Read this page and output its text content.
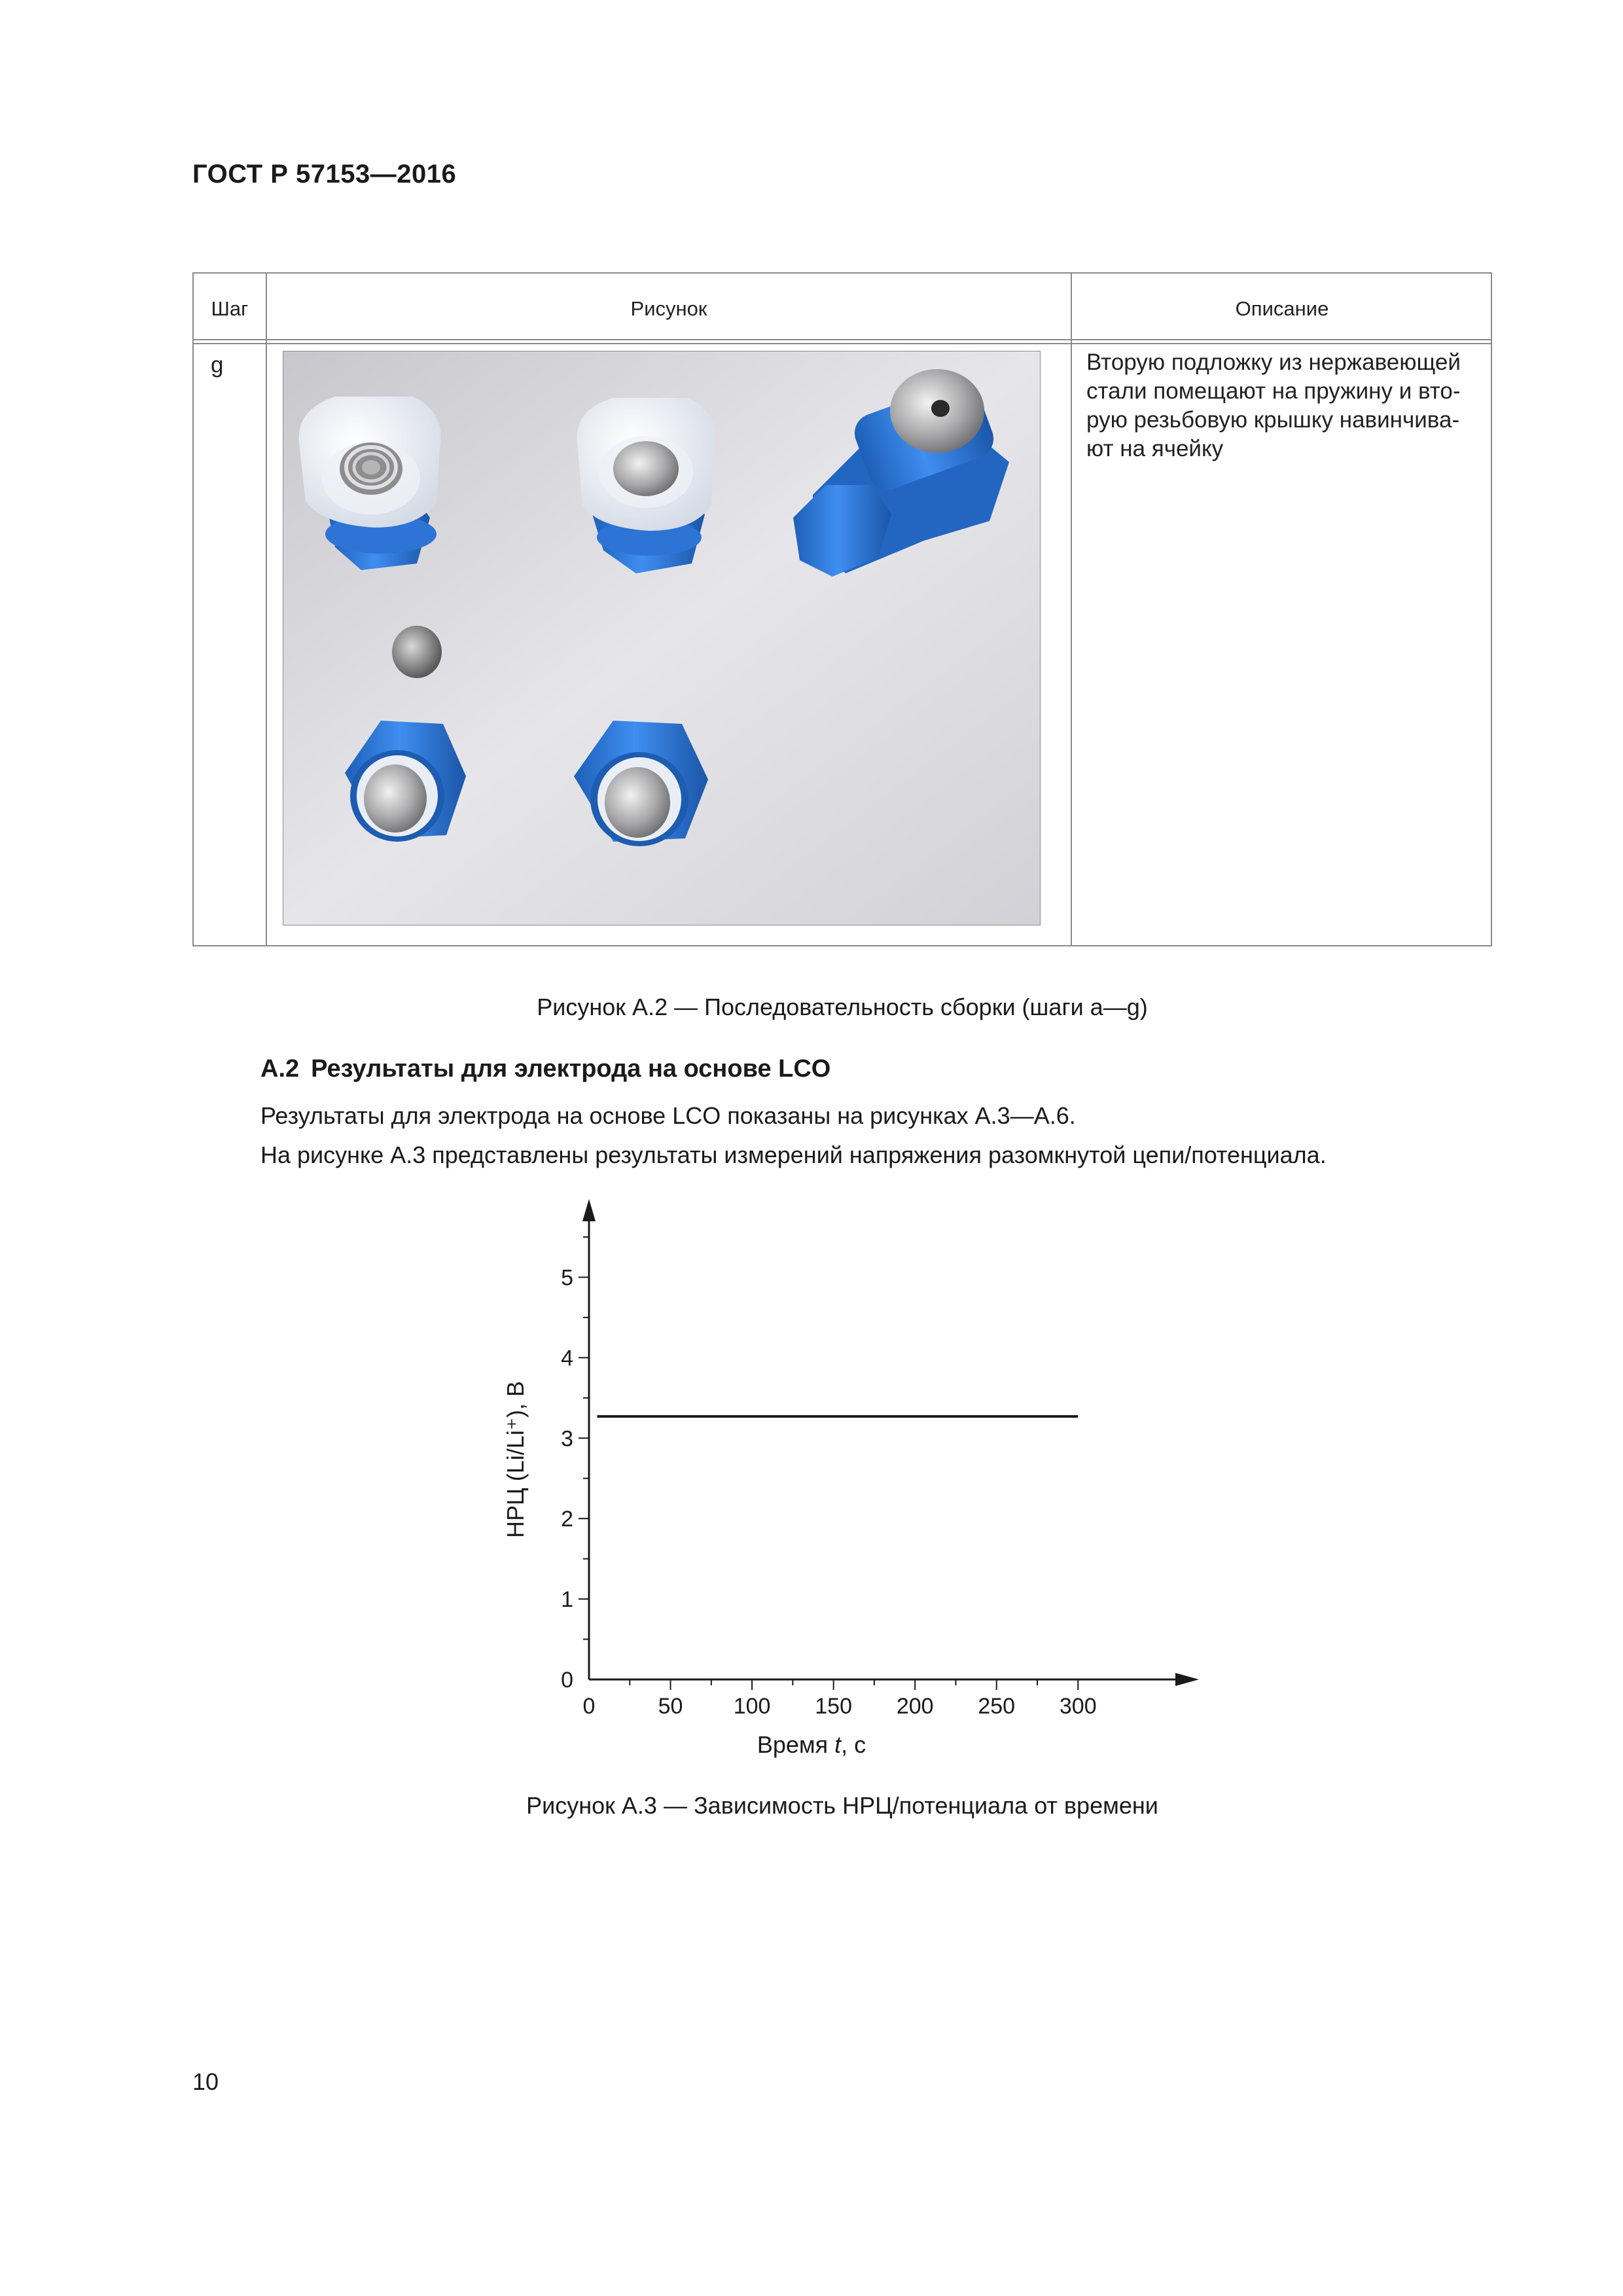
ГОСТ Р 57153—2016
Шаг	Рисунок	Описание
g	Вторую подложку из нержавеющей
стали помещают на пружину и вто-
рую резьбовую крышку навинчива-
ют на ячейку
Рисунок А.2 — Последовательность сборки (шаги а—g)
А.2 Результаты для электрода на основе LCO
Результаты для электрода на основе LCO показаны на рисунках А.3—А.6.
На рисунке А.3 представлены результаты измерений напряжения разомкнутой цепи/потенциала.
0
1
2
3
4
5
0	50 100 150 200 250 300
НРЦ (Li/Li⁺), В
Время t, с
Рисунок А.3 — Зависимость НРЦ/потенциала от времени
10
